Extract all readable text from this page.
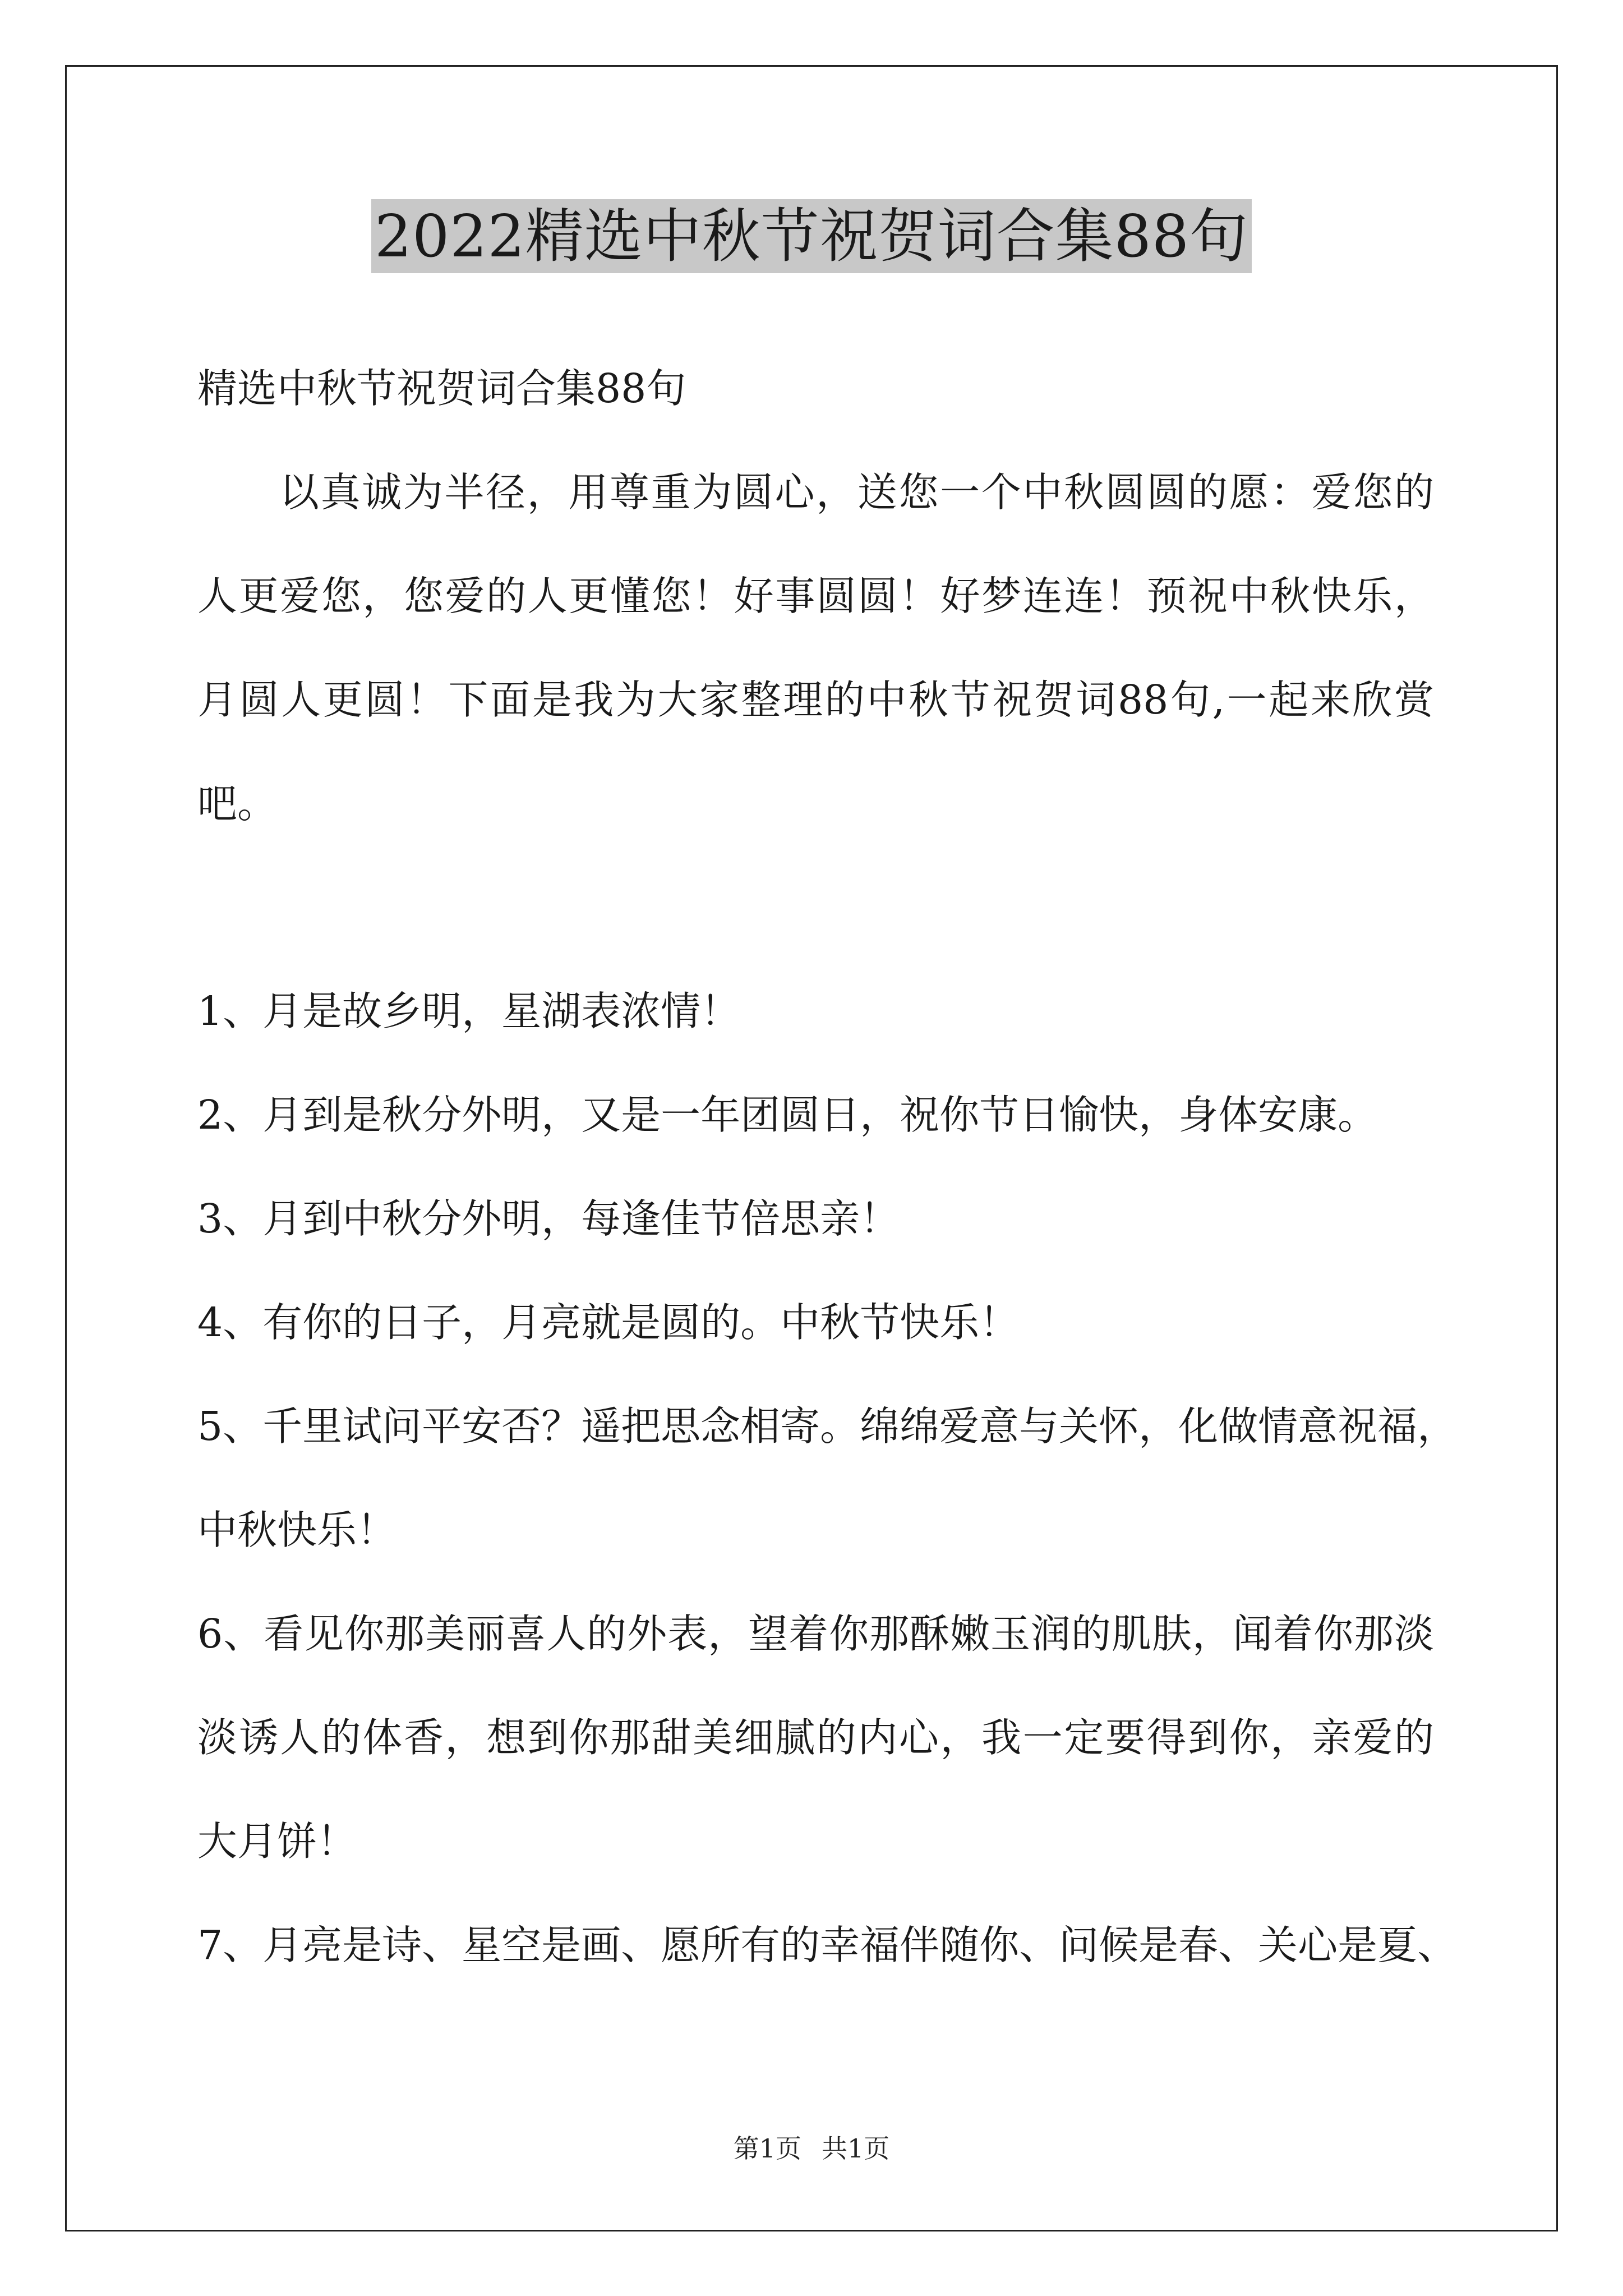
2022精选中秋节祝贺词合集88句

精选中秋节祝贺词合集88句

以真诚为半径，用尊重为圆心，送您一个中秋圆圆的愿：爱您的

人更爱您，您爱的人更懂您！好事圆圆！好梦连连！预祝中秋快乐，

月圆人更圆！下面是我为大家整理的中秋节祝贺词88句,一起来欣赏

吧。

1、月是故乡明，星湖表浓情！

2、月到是秋分外明，又是一年团圆日，祝你节日愉快，身体安康。

3、月到中秋分外明，每逢佳节倍思亲！

4、有你的日子，月亮就是圆的。中秋节快乐！

5、千里试问平安否？遥把思念相寄。绵绵爱意与关怀，化做情意祝福，

中秋快乐！

6、看见你那美丽喜人的外表，望着你那酥嫩玉润的肌肤，闻着你那淡

淡诱人的体香，想到你那甜美细腻的内心，我一定要得到你，亲爱的

大月饼！

7、月亮是诗、星空是画、愿所有的幸福伴随你、问候是春、关心是夏、

第1页 共1页
